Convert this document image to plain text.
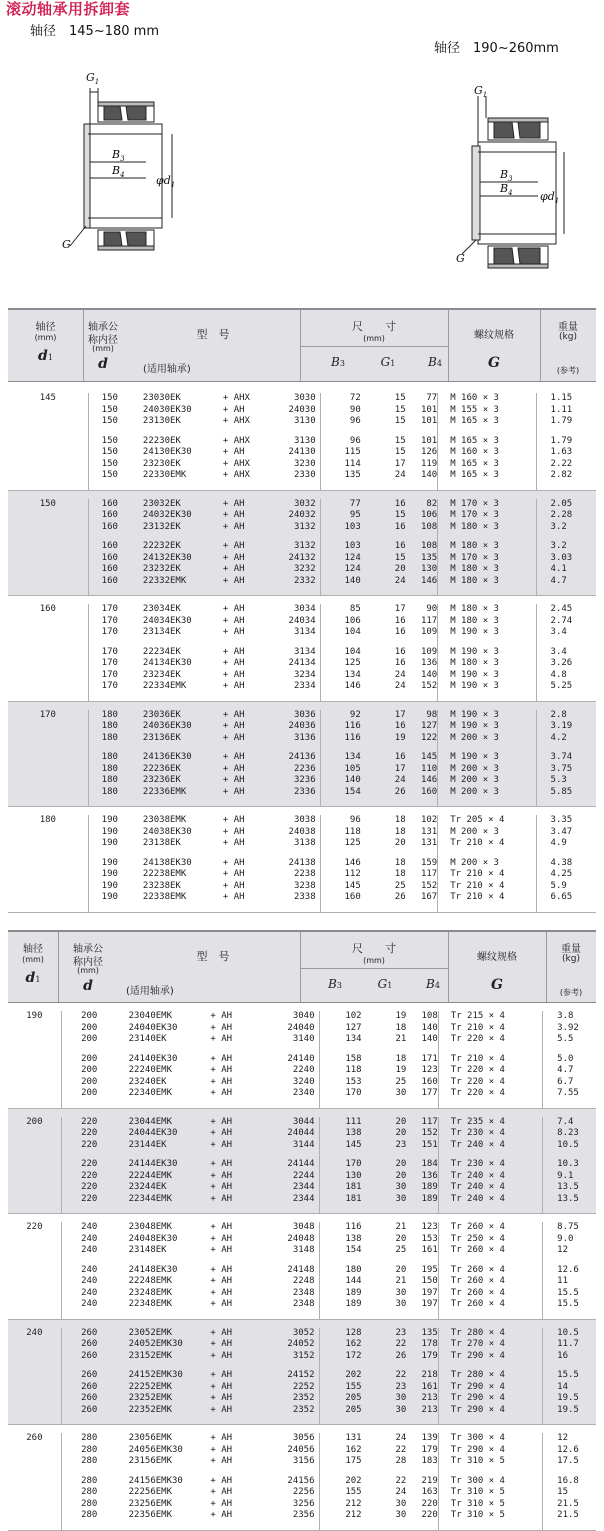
滚动轴承用拆卸套
轴径　145~180 mm
轴径　190~260mm
$G_1$
$B_3$
$B_4$	$\varphi d_1$
G
$G_1$
$B_3$
$B_4$ $\varphi d_1$
G
轴径
(mm)
d1
轴承公
称内径
(mm)
d
型　号
(适用轴承)
尺　　寸
(mm)
B3	G1	B4
螺纹规格
G
重量
(kg)
(参考)

145	150	23030EK	+ AHX	3030	72	15	77	M 160 × 3	1.15
	150	24030EK30	+ AH	24030	90	15	101	M 155 × 3	1.11
	150	23130EK	+ AHX	3130	96	15	101	M 165 × 3	1.79

	150	22230EK	+ AHX	3130	96	15	101	M 165 × 3	1.79
	150	24130EK30	+ AH	24130	115	15	126	M 160 × 3	1.63
	150	23230EK	+ AHX	3230	114	17	119	M 165 × 3	2.22
	150	22330EMK	+ AHX	2330	135	24	140	M 165 × 3	2.82

150	160	23032EK	+ AH	3032	77	16	82	M 170 × 3	2.05
	160	24032EK30	+ AH	24032	95	15	106	M 170 × 3	2.28
	160	23132EK	+ AH	3132	103	16	108	M 180 × 3	3.2

	160	22232EK	+ AH	3132	103	16	108	M 180 × 3	3.2
	160	24132EK30	+ AH	24132	124	15	135	M 170 × 3	3.03
	160	23232EK	+ AH	3232	124	20	130	M 180 × 3	4.1
	160	22332EMK	+ AH	2332	140	24	146	M 180 × 3	4.7

160	170	23034EK	+ AH	3034	85	17	90	M 180 × 3	2.45
	170	24034EK30	+ AH	24034	106	16	117	M 180 × 3	2.74
	170	23134EK	+ AH	3134	104	16	109	M 190 × 3	3.4

	170	22234EK	+ AH	3134	104	16	109	M 190 × 3	3.4
	170	24134EK30	+ AH	24134	125	16	136	M 180 × 3	3.26
	170	23234EK	+ AH	3234	134	24	140	M 190 × 3	4.8
	170	22334EMK	+ AH	2334	146	24	152	M 190 × 3	5.25

170	180	23036EK	+ AH	3036	92	17	98	M 190 × 3	2.8
	180	24036EK30	+ AH	24036	116	16	127	M 190 × 3	3.19
	180	23136EK	+ AH	3136	116	19	122	M 200 × 3	4.2

	180	24136EK30	+ AH	24136	134	16	145	M 190 × 3	3.74
	180	22236EK	+ AH	2236	105	17	110	M 200 × 3	3.75
	180	23236EK	+ AH	3236	140	24	146	M 200 × 3	5.3
	180	22336EMK	+ AH	2336	154	26	160	M 200 × 3	5.85

180	190	23038EMK	+ AH	3038	96	18	102	Tr 205 × 4	3.35
	190	24038EK30	+ AH	24038	118	18	131	M 200 × 3	3.47
	190	23138EK	+ AH	3138	125	20	131	Tr 210 × 4	4.9

	190	24138EK30	+ AH	24138	146	18	159	M 200 × 3	4.38
	190	22238EMK	+ AH	2238	112	18	117	Tr 210 × 4	4.25
	190	23238EK	+ AH	3238	145	25	152	Tr 210 × 4	5.9
	190	22338EMK	+ AH	2338	160	26	167	Tr 210 × 4	6.65

轴径
(mm)
d1
轴承公
称内径
(mm)
d
型　号
(适用轴承)
尺　　寸
(mm)
B3	G1	B4
螺纹规格
G
重量
(kg)
(参考)

190	200	23040EMK	+ AH	3040	102	19	108	Tr 215 × 4	3.8
	200	24040EK30	+ AH	24040	127	18	140	Tr 210 × 4	3.92
	200	23140EK	+ AH	3140	134	21	140	Tr 220 × 4	5.5

	200	24140EK30	+ AH	24140	158	18	171	Tr 210 × 4	5.0
	200	22240EMK	+ AH	2240	118	19	123	Tr 220 × 4	4.7
	200	23240EK	+ AH	3240	153	25	160	Tr 220 × 4	6.7
	200	22340EMK	+ AH	2340	170	30	177	Tr 220 × 4	7.55

200	220	23044EMK	+ AH	3044	111	20	117	Tr 235 × 4	7.4
	220	24044EK30	+ AH	24044	138	20	152	Tr 230 × 4	8.23
	220	23144EK	+ AH	3144	145	23	151	Tr 240 × 4	10.5

	220	24144EK30	+ AH	24144	170	20	184	Tr 230 × 4	10.3
	220	22244EMK	+ AH	2244	130	20	136	Tr 240 × 4	9.1
	220	23244EK	+ AH	2344	181	30	189	Tr 240 × 4	13.5
	220	22344EMK	+ AH	2344	181	30	189	Tr 240 × 4	13.5

220	240	23048EMK	+ AH	3048	116	21	123	Tr 260 × 4	8.75
	240	24048EK30	+ AH	24048	138	20	153	Tr 250 × 4	9.0
	240	23148EK	+ AH	3148	154	25	161	Tr 260 × 4	12

	240	24148EK30	+ AH	24148	180	20	195	Tr 260 × 4	12.6
	240	22248EMK	+ AH	2248	144	21	150	Tr 260 × 4	11
	240	23248EMK	+ AH	2348	189	30	197	Tr 260 × 4	15.5
	240	22348EMK	+ AH	2348	189	30	197	Tr 260 × 4	15.5

240	260	23052EMK	+ AH	3052	128	23	135	Tr 280 × 4	10.5
	260	24052EMK30	+ AH	24052	162	22	178	Tr 270 × 4	11.7
	260	23152EMK	+ AH	3152	172	26	179	Tr 290 × 4	16

	260	24152EMK30	+ AH	24152	202	22	218	Tr 280 × 4	15.5
	260	22252EMK	+ AH	2252	155	23	161	Tr 290 × 4	14
	260	23252EMK	+ AH	2352	205	30	213	Tr 290 × 4	19.5
	260	22352EMK	+ AH	2352	205	30	213	Tr 290 × 4	19.5

260	280	23056EMK	+ AH	3056	131	24	139	Tr 300 × 4	12
	280	24056EMK30	+ AH	24056	162	22	179	Tr 290 × 4	12.6
	280	23156EMK	+ AH	3156	175	28	183	Tr 310 × 5	17.5

	280	24156EMK30	+ AH	24156	202	22	219	Tr 300 × 4	16.8
	280	22256EMK	+ AH	2256	155	24	163	Tr 310 × 5	15
	280	23256EMK	+ AH	3256	212	30	220	Tr 310 × 5	21.5
	280	22356EMK	+ AH	2356	212	30	220	Tr 310 × 5	21.5
